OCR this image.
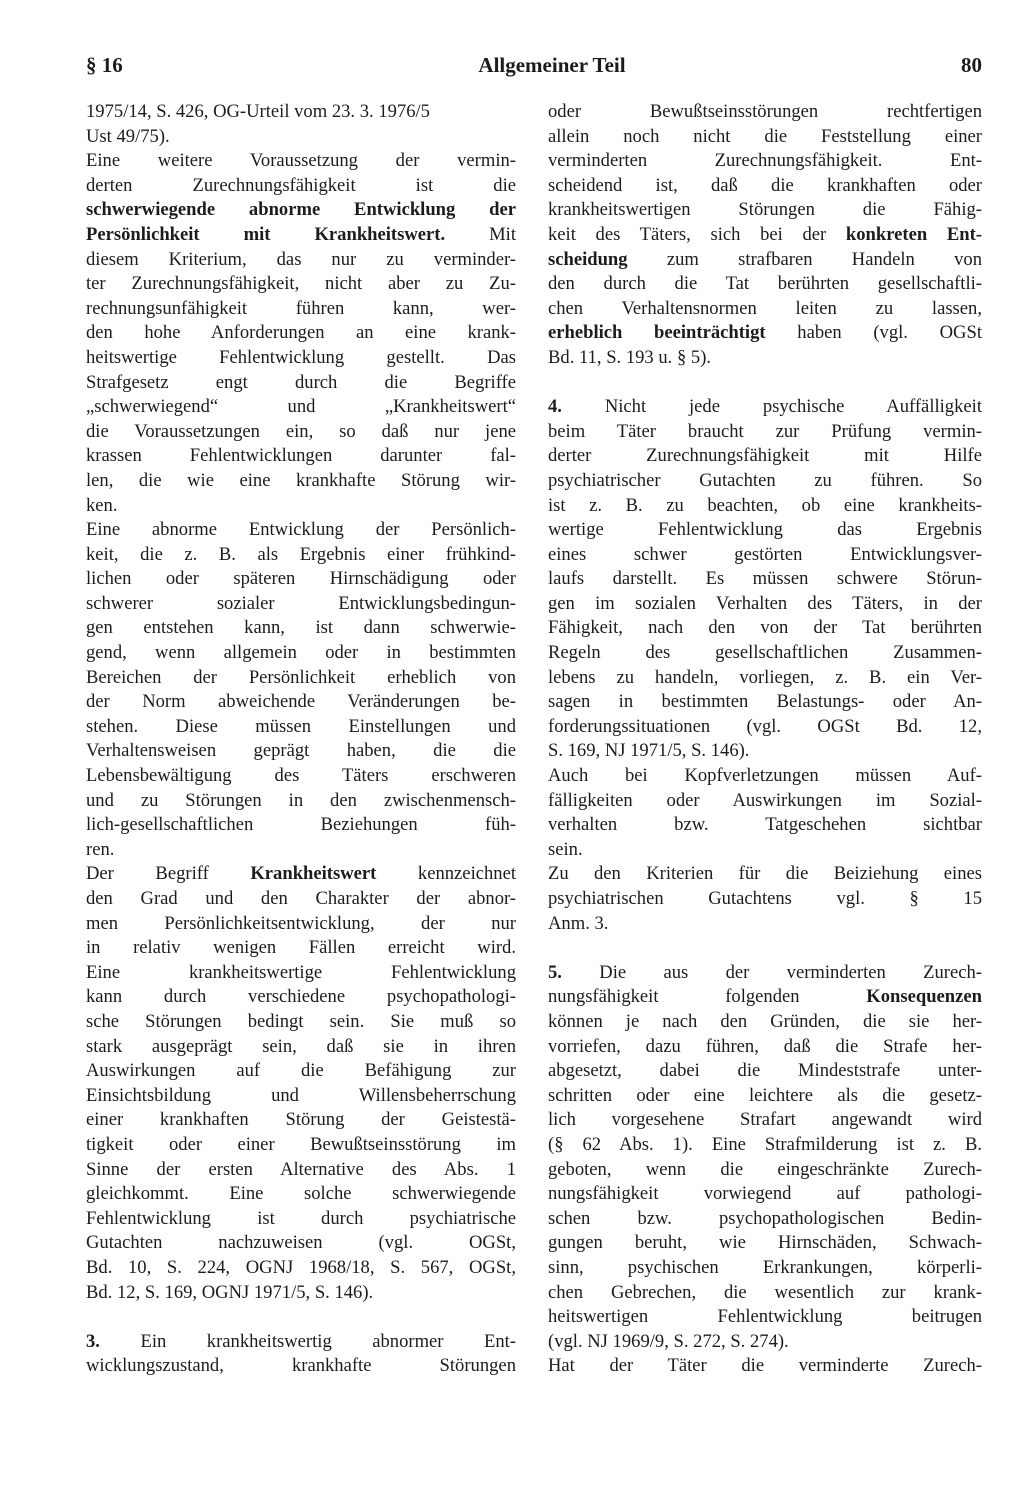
§ 16	Allgemeiner Teil	80
1975/14, S. 426, OG-Urteil vom 23. 3. 1976/5
Ust 49/75).
Eine weitere Voraussetzung der vermin-
derten Zurechnungsfähigkeit ist die
schwerwiegende abnorme Entwicklung der
Persönlichkeit mit Krankheitswert. Mit
diesem Kriterium, das nur zu verminder-
ter Zurechnungsfähigkeit, nicht aber zu Zu-
rechnungsunfähigkeit führen kann, wer-
den hohe Anforderungen an eine krank-
heitswertige Fehlentwicklung gestellt. Das
Strafgesetz engt durch die Begriffe
„schwerwiegend“ und „Krankheitswert“
die Voraussetzungen ein, so daß nur jene
krassen Fehlentwicklungen darunter fal-
len, die wie eine krankhafte Störung wir-
ken.
Eine abnorme Entwicklung der Persönlich-
keit, die z. B. als Ergebnis einer frühkind-
lichen oder späteren Hirnschädigung oder
schwerer sozialer Entwicklungsbedingun-
gen entstehen kann, ist dann schwerwie-
gend, wenn allgemein oder in bestimmten
Bereichen der Persönlichkeit erheblich von
der Norm abweichende Veränderungen be-
stehen. Diese müssen Einstellungen und
Verhaltensweisen geprägt haben, die die
Lebensbewältigung des Täters erschweren
und zu Störungen in den zwischenmensch-
lich-gesellschaftlichen Beziehungen füh-
ren.
Der Begriff Krankheitswert kennzeichnet
den Grad und den Charakter der abnor-
men Persönlichkeitsentwicklung, der nur
in relativ wenigen Fällen erreicht wird.
Eine krankheitswertige Fehlentwicklung
kann durch verschiedene psychopathologi-
sche Störungen bedingt sein. Sie muß so
stark ausgeprägt sein, daß sie in ihren
Auswirkungen auf die Befähigung zur
Einsichtsbildung und Willensbeherrschung
einer krankhaften Störung der Geistestä-
tigkeit oder einer Bewußtseinsstörung im
Sinne der ersten Alternative des Abs. 1
gleichkommt. Eine solche schwerwiegende
Fehlentwicklung ist durch psychiatrische
Gutachten nachzuweisen (vgl. OGSt,
Bd. 10, S. 224, OGNJ 1968/18, S. 567, OGSt,
Bd. 12, S. 169, OGNJ 1971/5, S. 146).
3. Ein krankheitswertig abnormer Ent-
wicklungszustand, krankhafte Störungen
oder Bewußtseinsstörungen rechtfertigen
allein noch nicht die Feststellung einer
verminderten Zurechnungsfähigkeit. Ent-
scheidend ist, daß die krankhaften oder
krankheitswertigen Störungen die Fähig-
keit des Täters, sich bei der konkreten Ent-
scheidung zum strafbaren Handeln von
den durch die Tat berührten gesellschaftli-
chen Verhaltensnormen leiten zu lassen,
erheblich beeinträchtigt haben (vgl. OGSt
Bd. 11, S. 193 u. § 5).
4. Nicht jede psychische Auffälligkeit
beim Täter braucht zur Prüfung vermin-
derter Zurechnungsfähigkeit mit Hilfe
psychiatrischer Gutachten zu führen. So
ist z. B. zu beachten, ob eine krankheits-
wertige Fehlentwicklung das Ergebnis
eines schwer gestörten Entwicklungsver-
laufs darstellt. Es müssen schwere Störun-
gen im sozialen Verhalten des Täters, in der
Fähigkeit, nach den von der Tat berührten
Regeln des gesellschaftlichen Zusammen-
lebens zu handeln, vorliegen, z. B. ein Ver-
sagen in bestimmten Belastungs- oder An-
forderungssituationen (vgl. OGSt Bd. 12,
S. 169, NJ 1971/5, S. 146).
Auch bei Kopfverletzungen müssen Auf-
fälligkeiten oder Auswirkungen im Sozial-
verhalten bzw. Tatgeschehen sichtbar
sein.
Zu den Kriterien für die Beiziehung eines
psychiatrischen Gutachtens vgl. § 15
Anm. 3.
5. Die aus der verminderten Zurech-
nungsfähigkeit folgenden Konsequenzen
können je nach den Gründen, die sie her-
vorriefen, dazu führen, daß die Strafe her-
abgesetzt, dabei die Mindeststrafe unter-
schritten oder eine leichtere als die gesetz-
lich vorgesehene Strafart angewandt wird
(§ 62 Abs. 1). Eine Strafmilderung ist z. B.
geboten, wenn die eingeschränkte Zurech-
nungsfähigkeit vorwiegend auf pathologi-
schen bzw. psychopathologischen Bedin-
gungen beruht, wie Hirnschäden, Schwach-
sinn, psychischen Erkrankungen, körperli-
chen Gebrechen, die wesentlich zur krank-
heitswertigen Fehlentwicklung beitrugen
(vgl. NJ 1969/9, S. 272, S. 274).
Hat der Täter die verminderte Zurech-
